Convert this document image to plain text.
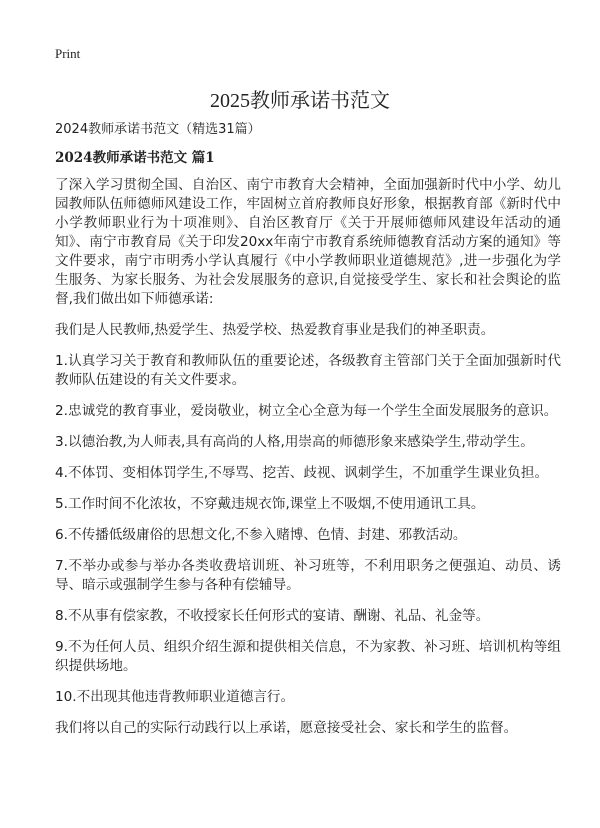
Print
2025教师承诺书范文
2024教师承诺书范文（精选31篇）
2024教师承诺书范文 篇1

了深入学习贯彻全国、自治区、南宁市教育大会精神，全面加强新时代中小学、幼儿园教师队伍师德师风建设工作，牢固树立首府教师良好形象，根据教育部《新时代中小学教师职业行为十项准则》、自治区教育厅《关于开展师德师风建设年活动的通知》、南宁市教育局《关于印发20xx年南宁市教育系统师德教育活动方案的通知》等文件要求，南宁市明秀小学认真履行《中小学教师职业道德规范》,进一步强化为学生服务、为家长服务、为社会发展服务的意识,自觉接受学生、家长和社会舆论的监督,我们做出如下师德承诺:

我们是人民教师,热爱学生、热爱学校、热爱教育事业是我们的神圣职责。

1.认真学习关于教育和教师队伍的重要论述，各级教育主管部门关于全面加强新时代教师队伍建设的有关文件要求。

2.忠诚党的教育事业，爱岗敬业，树立全心全意为每一个学生全面发展服务的意识。

3.以德治教,为人师表,具有高尚的人格,用崇高的师德形象来感染学生,带动学生。

4.不体罚、变相体罚学生,不辱骂、挖苦、歧视、讽刺学生，不加重学生课业负担。

5.工作时间不化浓妆，不穿戴违规衣饰,课堂上不吸烟,不使用通讯工具。

6.不传播低级庸俗的思想文化,不参入赌博、色情、封建、邪教活动。

7.不举办或参与举办各类收费培训班、补习班等，不利用职务之便强迫、动员、诱导、暗示或强制学生参与各种有偿辅导。

8.不从事有偿家教，不收授家长任何形式的宴请、酬谢、礼品、礼金等。

9.不为任何人员、组织介绍生源和提供相关信息，不为家教、补习班、培训机构等组织提供场地。

10.不出现其他违背教师职业道德言行。

我们将以自己的实际行动践行以上承诺，愿意接受社会、家长和学生的监督。
